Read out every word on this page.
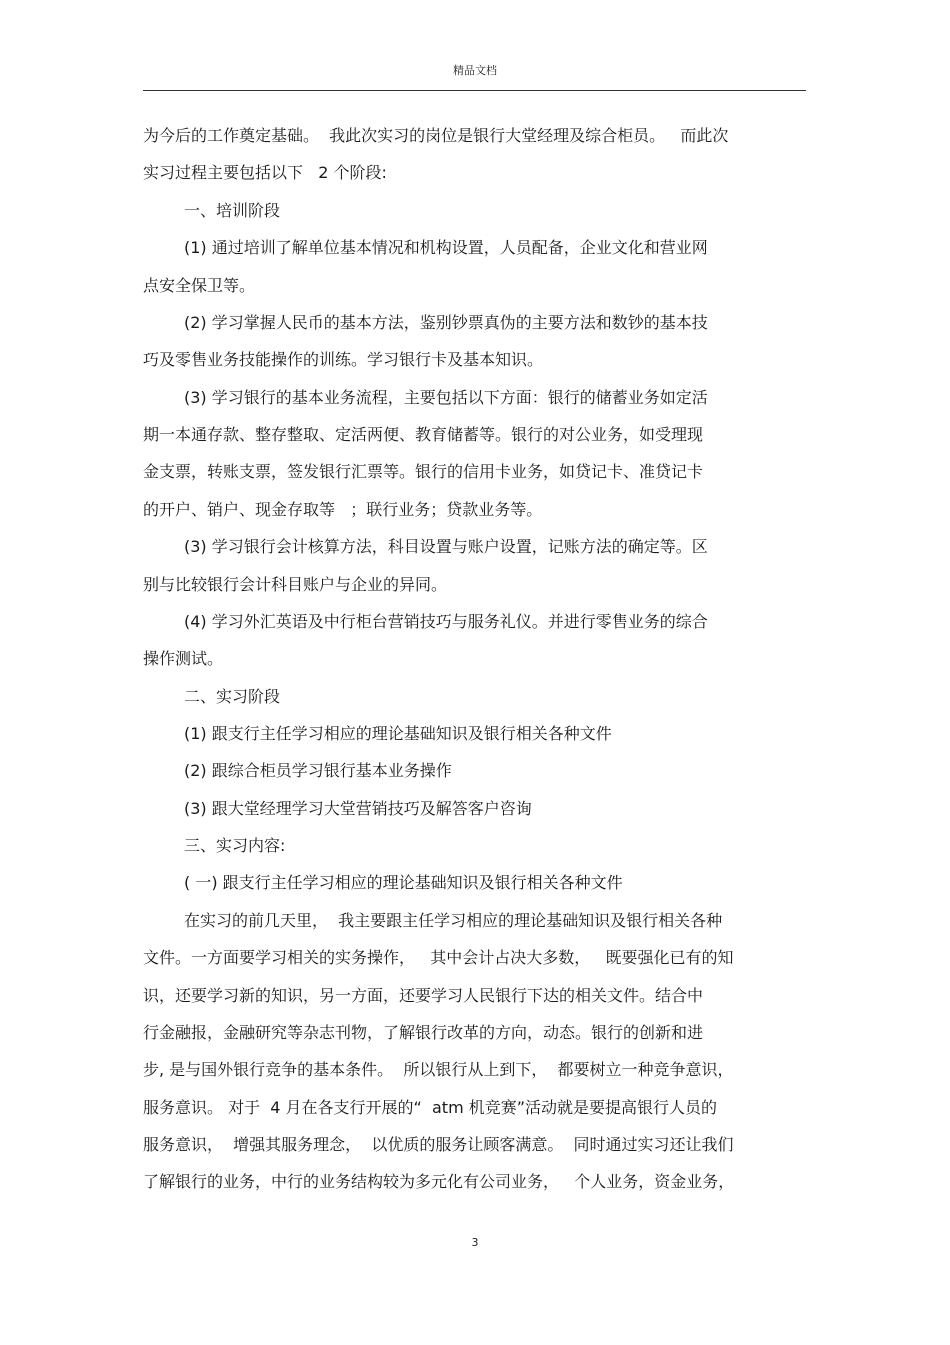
精品文档
为今后的工作奠定基础。  我此次实习的岗位是银行大堂经理及综合柜员。   而此次
实习过程主要包括以下   2 个阶段:
一、培训阶段
(1) 通过培训了解单位基本情况和机构设置，人员配备，企业文化和营业网
点安全保卫等。
(2) 学习掌握人民币的基本方法，鉴别钞票真伪的主要方法和数钞的基本技
巧及零售业务技能操作的训练。学习银行卡及基本知识。
(3) 学习银行的基本业务流程，主要包括以下方面：银行的储蓄业务如定活
期一本通存款、整存整取、定活两便、教育储蓄等。银行的对公业务，如受理现
金支票，转账支票，签发银行汇票等。银行的信用卡业务，如贷记卡、准贷记卡
的开户、销户、现金存取等   ；联行业务；贷款业务等。
(3) 学习银行会计核算方法，科目设置与账户设置，记账方法的确定等。区
别与比较银行会计科目账户与企业的异同。
(4) 学习外汇英语及中行柜台营销技巧与服务礼仪。并进行零售业务的综合
操作测试。
二、实习阶段
(1) 跟支行主任学习相应的理论基础知识及银行相关各种文件
(2) 跟综合柜员学习银行基本业务操作
(3) 跟大堂经理学习大堂营销技巧及解答客户咨询
三、实习内容:
( 一) 跟支行主任学习相应的理论基础知识及银行相关各种文件
在实习的前几天里，  我主要跟主任学习相应的理论基础知识及银行相关各种
文件。一方面要学习相关的实务操作，   其中会计占决大多数，   既要强化已有的知
识，还要学习新的知识，另一方面，还要学习人民银行下达的相关文件。结合中
行金融报，金融研究等杂志刊物，了解银行改革的方向，动态。银行的创新和进
步, 是与国外银行竞争的基本条件。  所以银行从上到下，  都要树立一种竞争意识，
服务意识。 对于  4 月在各支行开展的“  atm 机竞赛”活动就是要提高银行人员的
服务意识，  增强其服务理念，  以优质的服务让顾客满意。  同时通过实习还让我们
了解银行的业务，中行的业务结构较为多元化有公司业务，   个人业务，资金业务，
3
